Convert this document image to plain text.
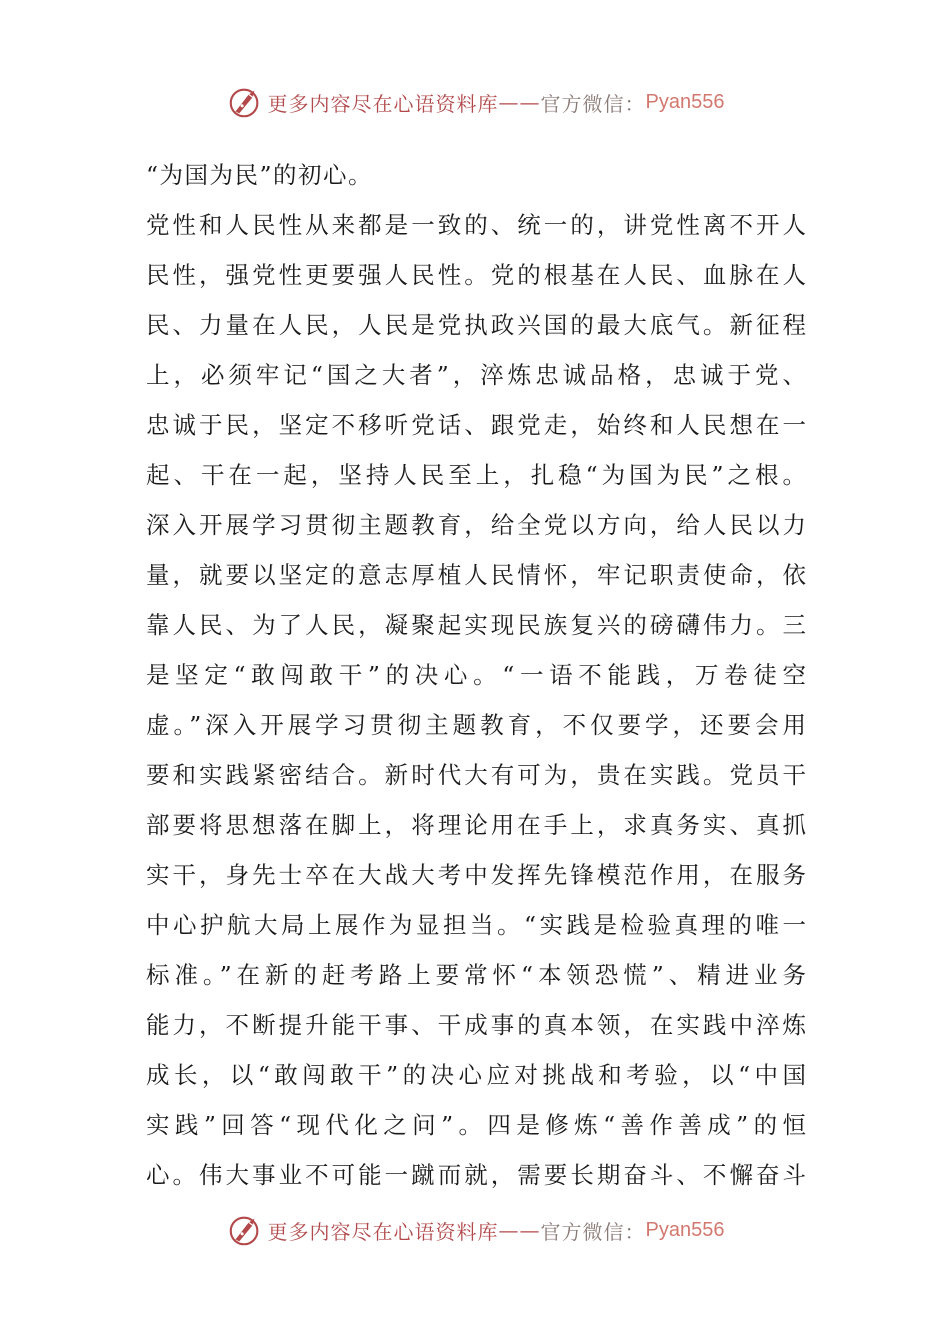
更多内容尽在心语资料库 —— 官方微信： Pyan556
“为国为民”的初心。
党性和人民性从来都是一致的、统一的，讲党性离不开人
民性，强党性更要强人民性。党的根基在人民、血脉在人
民、力量在人民，人民是党执政兴国的最大底气。新征程
上，必须牢记“国之大者”，淬炼忠诚品格，忠诚于党、
忠诚于民，坚定不移听党话、跟党走，始终和人民想在一
起、干在一起，坚持人民至上，扎稳“为国为民”之根。
深入开展学习贯彻主题教育，给全党以方向，给人民以力
量，就要以坚定的意志厚植人民情怀，牢记职责使命，依
靠人民、为了人民，凝聚起实现民族复兴的磅礴伟力。三
是坚定“敢闯敢干”的决心。“一语不能践，万卷徒空
虚。”深入开展学习贯彻主题教育，不仅要学，还要会用
要和实践紧密结合。新时代大有可为，贵在实践。党员干
部要将思想落在脚上，将理论用在手上，求真务实、真抓
实干，身先士卒在大战大考中发挥先锋模范作用，在服务
中心护航大局上展作为显担当。“实践是检验真理的唯一
标准。”在新的赶考路上要常怀“本领恐慌”、精进业务
能力，不断提升能干事、干成事的真本领，在实践中淬炼
成长，以“敢闯敢干”的决心应对挑战和考验，以“中国
实践”回答“现代化之问”。四是修炼“善作善成”的恒
心。伟大事业不可能一蹴而就，需要长期奋斗、不懈奋斗
更多内容尽在心语资料库 —— 官方微信： Pyan556
